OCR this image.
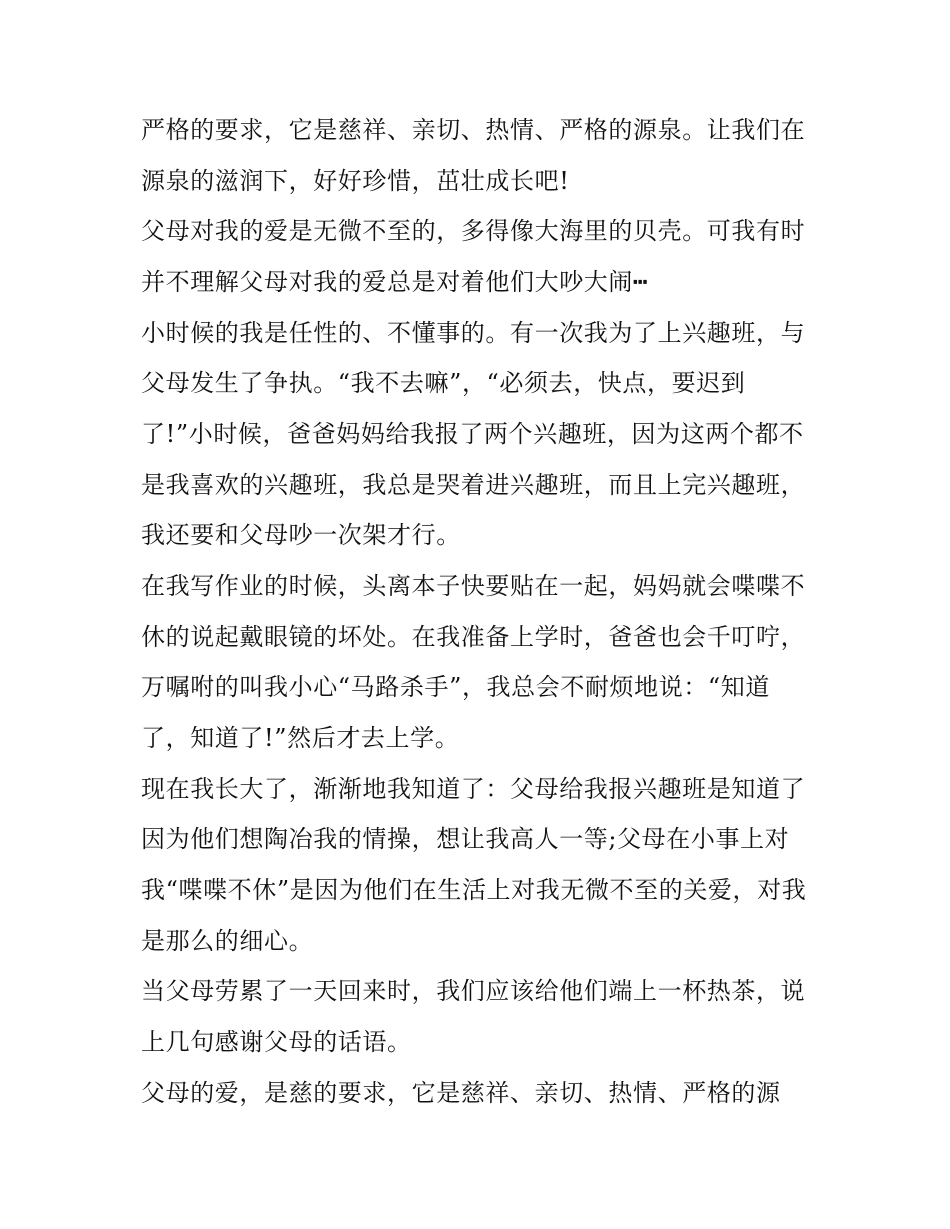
严格的要求，它是慈祥、亲切、热情、严格的源泉。让我们在
源泉的滋润下，好好珍惜，茁壮成长吧!
父母对我的爱是无微不至的，多得像大海里的贝壳。可我有时
并不理解父母对我的爱总是对着他们大吵大闹┅
小时候的我是任性的、不懂事的。有一次我为了上兴趣班，与
父母发生了争执。“我不去嘛”，“必须去，快点，要迟到
了!”小时候，爸爸妈妈给我报了两个兴趣班，因为这两个都不
是我喜欢的兴趣班，我总是哭着进兴趣班，而且上完兴趣班，
我还要和父母吵一次架才行。
在我写作业的时候，头离本子快要贴在一起，妈妈就会喋喋不
休的说起戴眼镜的坏处。在我准备上学时，爸爸也会千叮咛，
万嘱咐的叫我小心“马路杀手”，我总会不耐烦地说：“知道
了，知道了!”然后才去上学。
现在我长大了，渐渐地我知道了：父母给我报兴趣班是知道了
因为他们想陶冶我的情操，想让我高人一等;父母在小事上对
我“喋喋不休”是因为他们在生活上对我无微不至的关爱，对我
是那么的细心。
当父母劳累了一天回来时，我们应该给他们端上一杯热茶，说
上几句感谢父母的话语。
父母的爱，是慈的要求，它是慈祥、亲切、热情、严格的源
